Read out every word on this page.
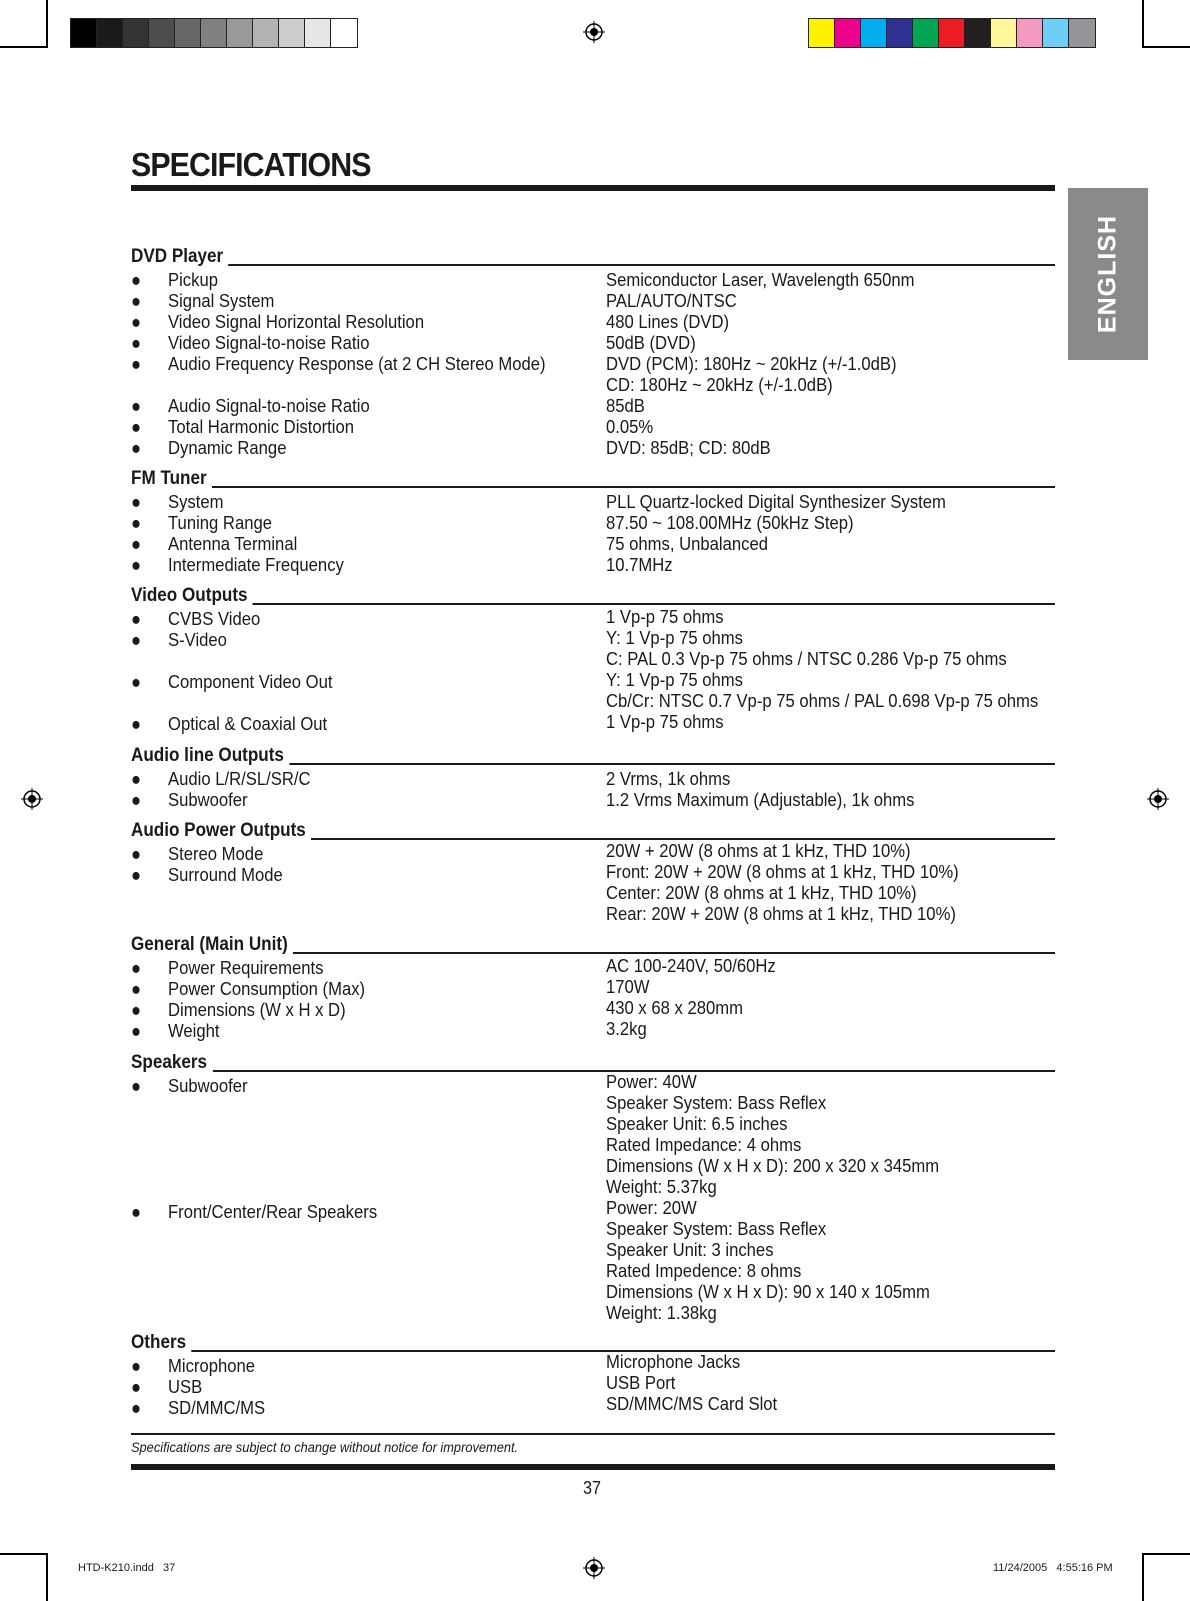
SPECIFICATIONS
ENGLISH
DVD Player
● Pickup	Semiconductor Laser, Wavelength 650nm
● Signal System	PAL/AUTO/NTSC
● Video Signal Horizontal Resolution	480 Lines (DVD)
● Video Signal-to-noise Ratio	50dB (DVD)
● Audio Frequency Response (at 2 CH Stereo Mode)	DVD (PCM): 180Hz ~ 20kHz (+/-1.0dB)
CD: 180Hz ~ 20kHz (+/-1.0dB)
● Audio Signal-to-noise Ratio	85dB
● Total Harmonic Distortion	0.05%
● Dynamic Range	DVD: 85dB; CD: 80dB
FM Tuner
● System	PLL Quartz-locked Digital Synthesizer System
● Tuning Range	87.50 ~ 108.00MHz (50kHz Step)
● Antenna Terminal	75 ohms, Unbalanced
● Intermediate Frequency	10.7MHz
Video Outputs
● CVBS Video	1 Vp-p 75 ohms
● S-Video	Y: 1 Vp-p 75 ohms
C: PAL 0.3 Vp-p 75 ohms / NTSC 0.286 Vp-p 75 ohms
● Component Video Out	Y: 1 Vp-p 75 ohms
Cb/Cr: NTSC 0.7 Vp-p 75 ohms / PAL 0.698 Vp-p 75 ohms
● Optical & Coaxial Out	1 Vp-p 75 ohms
Audio line Outputs
● Audio L/R/SL/SR/C	2 Vrms, 1k ohms
● Subwoofer	1.2 Vrms Maximum (Adjustable), 1k ohms
Audio Power Outputs
● Stereo Mode	20W + 20W (8 ohms at 1 kHz, THD 10%)
● Surround Mode	Front: 20W + 20W (8 ohms at 1 kHz, THD 10%)
Center: 20W (8 ohms at 1 kHz, THD 10%)
Rear: 20W + 20W (8 ohms at 1 kHz, THD 10%)
General (Main Unit)
● Power Requirements	AC 100-240V, 50/60Hz
● Power Consumption (Max)	170W
● Dimensions (W x H x D)	430 x 68 x 280mm
● Weight	3.2kg
Speakers
● Subwoofer	Power: 40W
Speaker System: Bass Reflex
Speaker Unit: 6.5 inches
Rated Impedance: 4 ohms
Dimensions (W x H x D): 200 x 320 x 345mm
Weight: 5.37kg
● Front/Center/Rear Speakers	Power: 20W
Speaker System: Bass Reflex
Speaker Unit: 3 inches
Rated Impedence: 8 ohms
Dimensions (W x H x D): 90 x 140 x 105mm
Weight: 1.38kg
Others
● Microphone	Microphone Jacks
● USB	USB Port
● SD/MMC/MS	SD/MMC/MS Card Slot
Specifications are subject to change without notice for improvement.
37
HTD-K210.indd   37	11/24/2005   4:55:16 PM
